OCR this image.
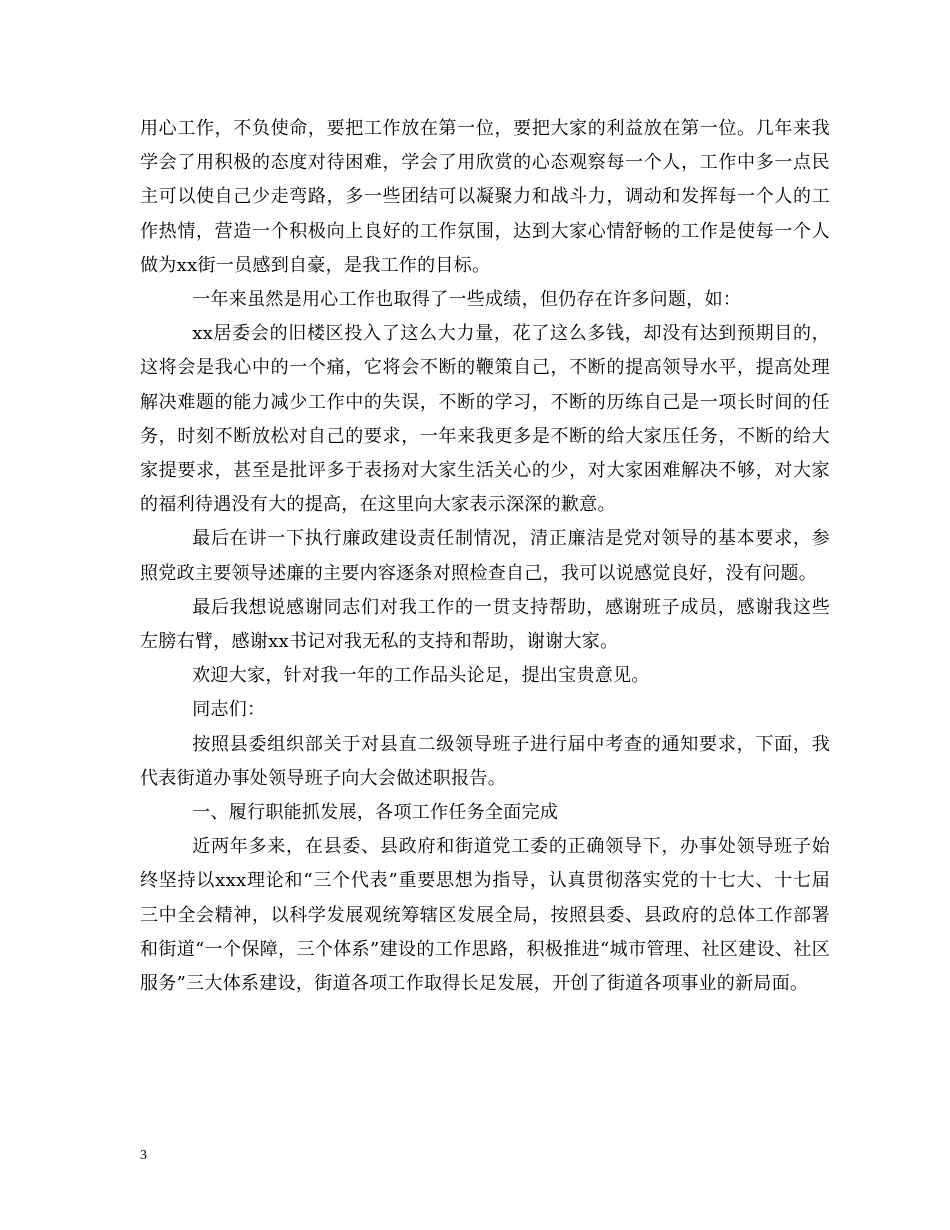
用心工作，不负使命，要把工作放在第一位，要把大家的利益放在第一位。几年来我学会了用积极的态度对待困难，学会了用欣赏的心态观察每一个人，工作中多一点民主可以使自己少走弯路，多一些团结可以凝聚力和战斗力，调动和发挥每一个人的工作热情，营造一个积极向上良好的工作氛围，达到大家心情舒畅的工作是使每一个人做为xx街一员感到自豪，是我工作的目标。

一年来虽然是用心工作也取得了一些成绩，但仍存在许多问题，如：

xx居委会的旧楼区投入了这么大力量，花了这么多钱，却没有达到预期目的，这将会是我心中的一个痛，它将会不断的鞭策自己，不断的提高领导水平，提高处理解决难题的能力减少工作中的失误，不断的学习，不断的历练自己是一项长时间的任务，时刻不断放松对自己的要求，一年来我更多是不断的给大家压任务，不断的给大家提要求，甚至是批评多于表扬对大家生活关心的少，对大家困难解决不够，对大家的福利待遇没有大的提高，在这里向大家表示深深的歉意。

最后在讲一下执行廉政建设责任制情况，清正廉洁是党对领导的基本要求，参照党政主要领导述廉的主要内容逐条对照检查自己，我可以说感觉良好，没有问题。

最后我想说感谢同志们对我工作的一贯支持帮助，感谢班子成员，感谢我这些左膀右臂，感谢xx书记对我无私的支持和帮助，谢谢大家。

欢迎大家，针对我一年的工作品头论足，提出宝贵意见。

同志们：

按照县委组织部关于对县直二级领导班子进行届中考查的通知要求，下面，我代表街道办事处领导班子向大会做述职报告。

一、履行职能抓发展，各项工作任务全面完成

近两年多来，在县委、县政府和街道党工委的正确领导下，办事处领导班子始终坚持以xxx理论和“三个代表”重要思想为指导，认真贯彻落实党的十七大、十七届三中全会精神，以科学发展观统筹辖区发展全局，按照县委、县政府的总体工作部署和街道“一个保障，三个体系”建设的工作思路，积极推进“城市管理、社区建设、社区服务”三大体系建设，街道各项工作取得长足发展，开创了街道各项事业的新局面。

3
